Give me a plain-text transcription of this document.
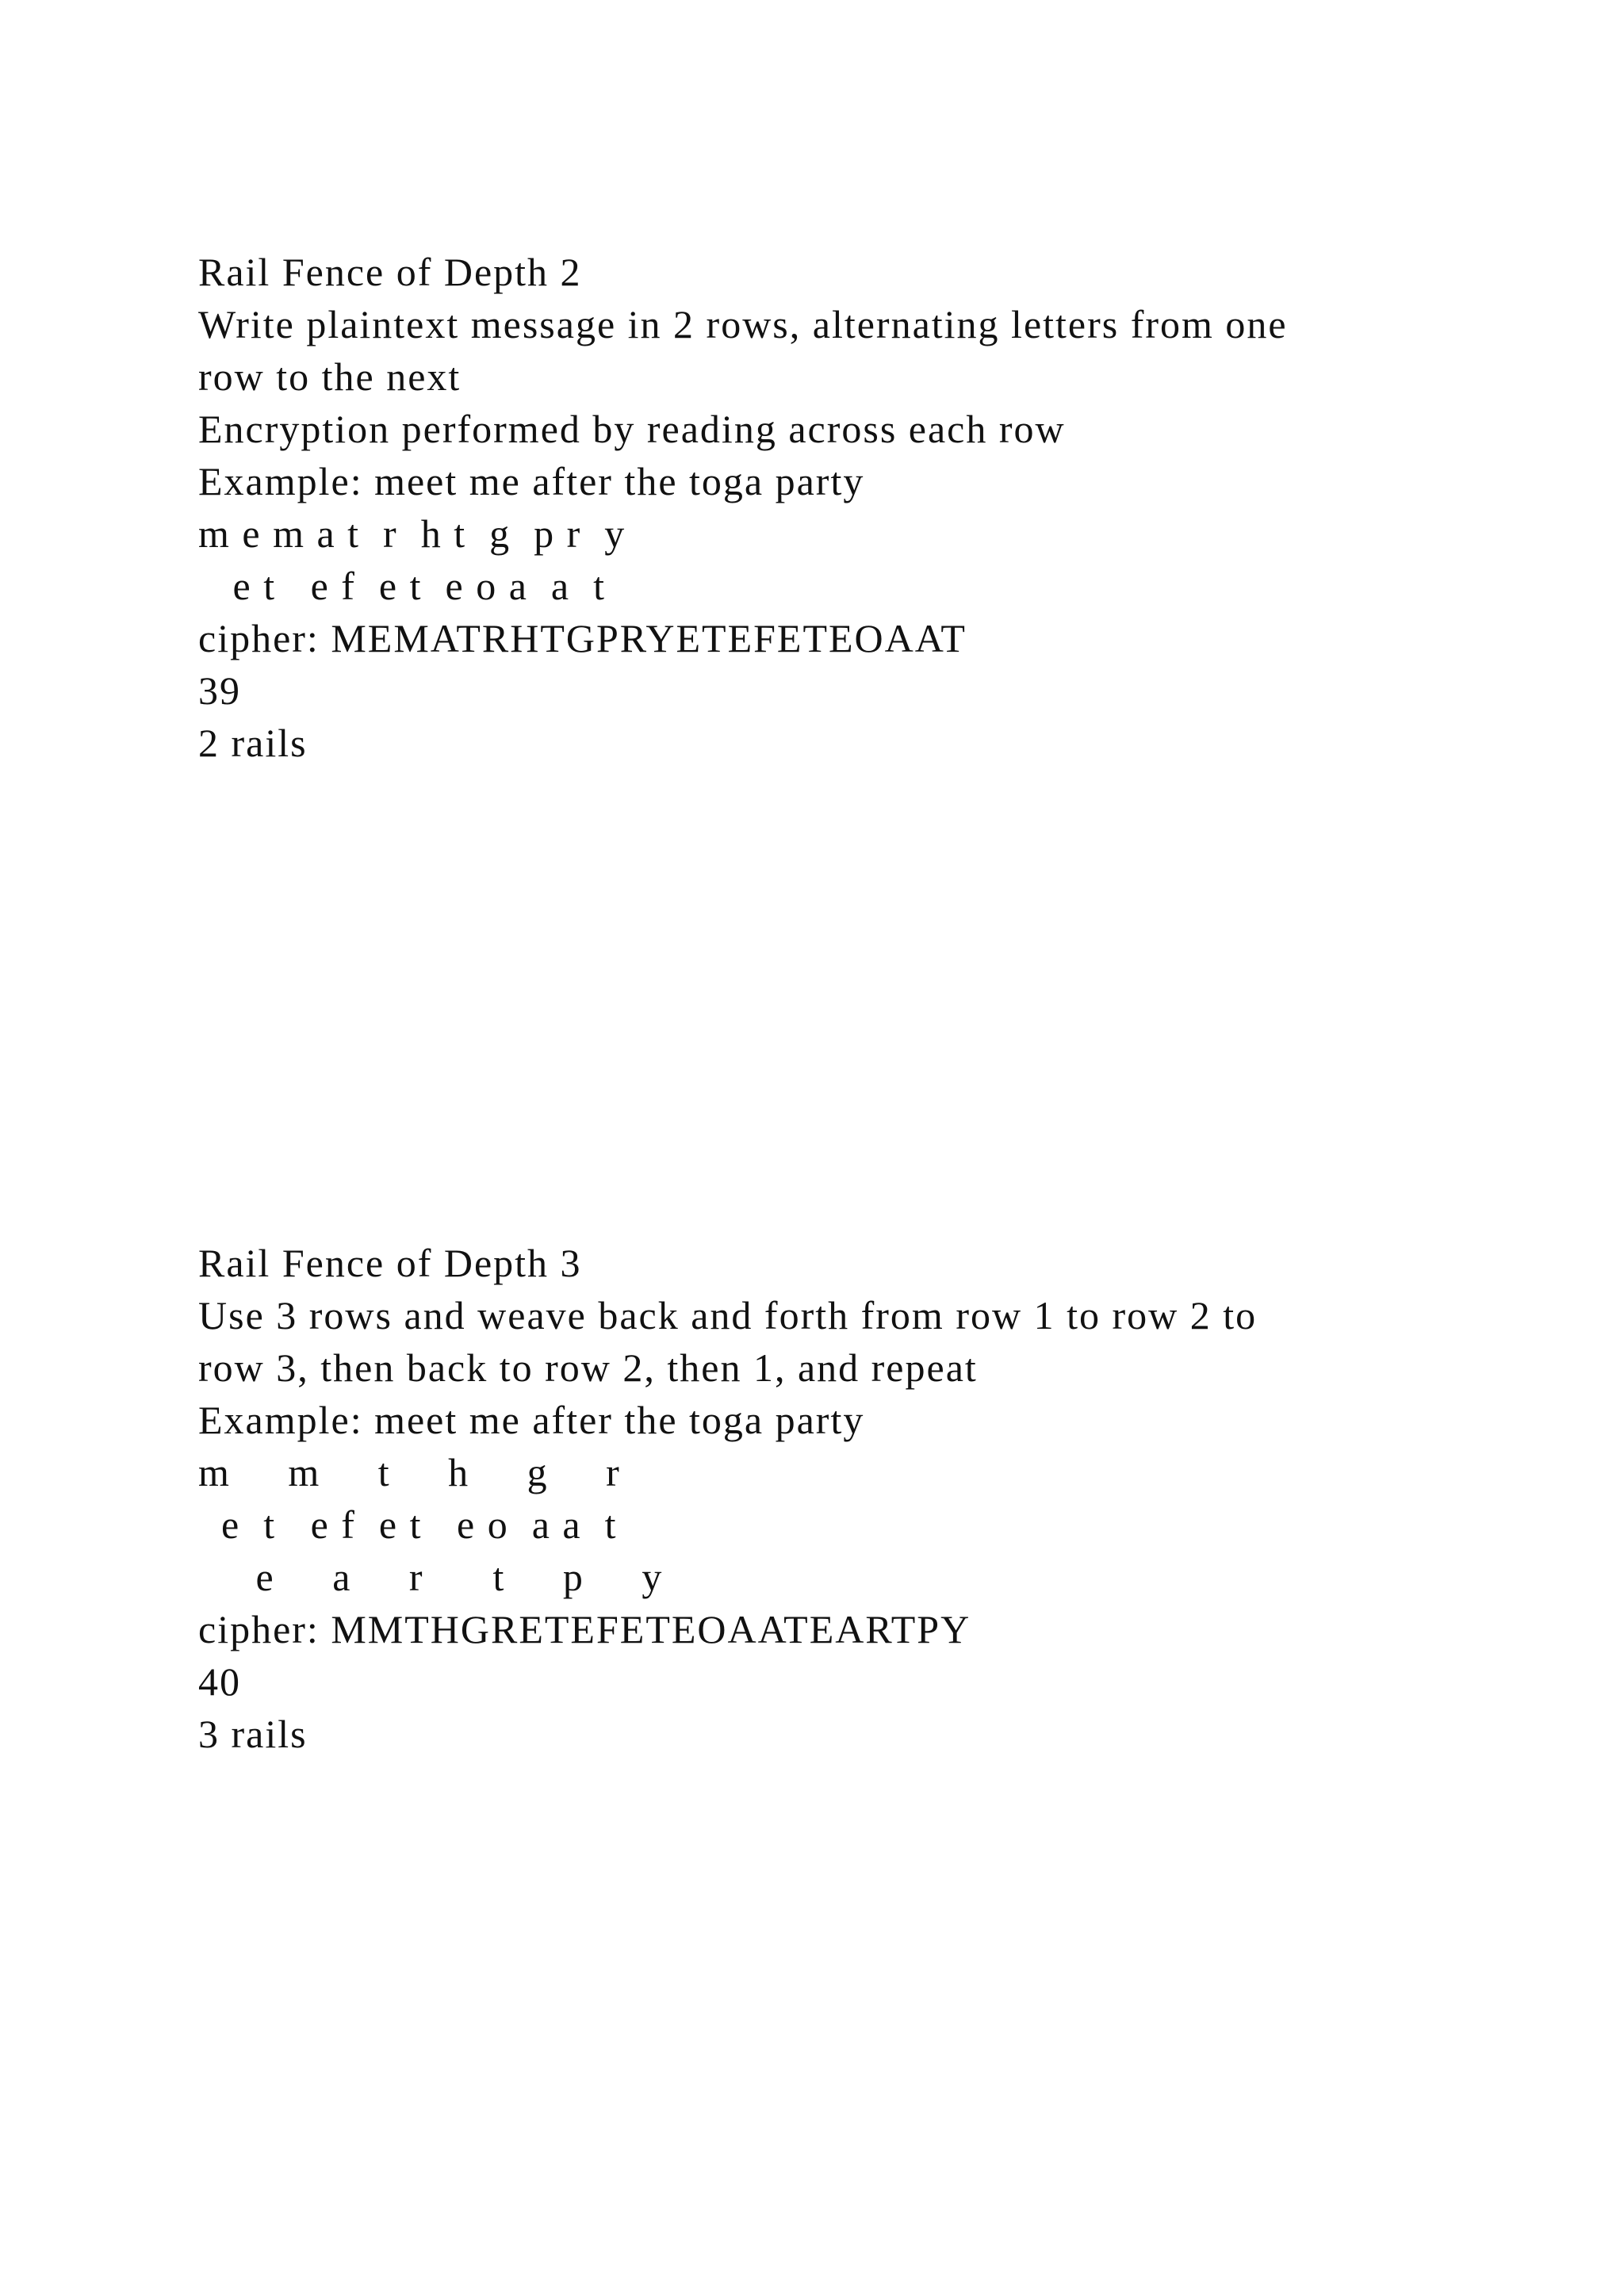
Rail Fence of Depth 2
Write plaintext message in 2 rows, alternating letters from one
row to the next
Encryption performed by reading across each row
Example: meet me after the toga party
m e m a t  r  h t  g  p r  y
e t   e f  e t  e o a  a  t
cipher: MEMATRHTGPRYETEFETEOAAT
39
2 rails
Rail Fence of Depth 3
Use 3 rows and weave back and forth from row 1 to row 2 to
row 3, then back to row 2, then 1, and repeat
Example: meet me after the toga party
m     m     t     h     g     r
e  t   e f  e t   e o  a a  t
e     a     r      t     p     y
cipher: MMTHGRETEFETEOAATEARTPY
40
3 rails
